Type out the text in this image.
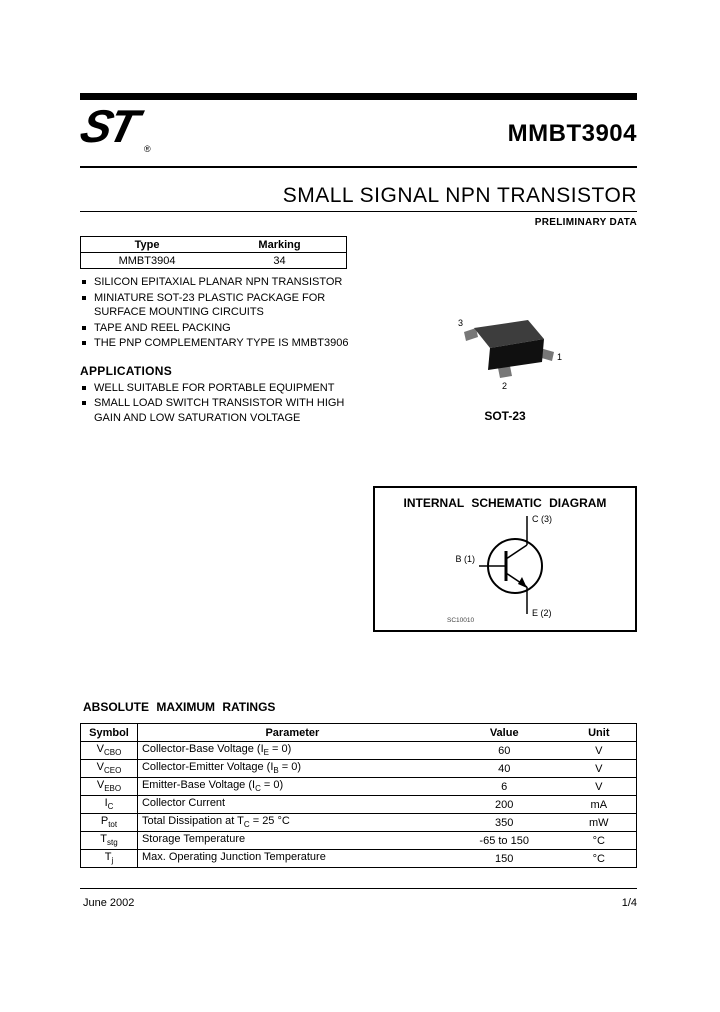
ST ®
MMBT3904
SMALL SIGNAL NPN TRANSISTOR
PRELIMINARY DATA
Type	Marking
MMBT3904	34
SILICON EPITAXIAL PLANAR NPN TRANSISTOR
MINIATURE SOT-23 PLASTIC PACKAGE FOR SURFACE MOUNTING CIRCUITS
TAPE AND REEL PACKING
THE PNP COMPLEMENTARY TYPE IS MMBT3906
APPLICATIONS
WELL SUITABLE FOR PORTABLE EQUIPMENT
SMALL LOAD SWITCH TRANSISTOR WITH HIGH GAIN AND LOW SATURATION VOLTAGE
3
1
2
SOT-23
INTERNAL SCHEMATIC DIAGRAM
C (3)
B (1)
E (2)
SC10010
ABSOLUTE MAXIMUM RATINGS
Symbol	Parameter	Value	Unit
$V_{CBO}$	Collector-Base Voltage $(I_E = 0)$	60	V
$V_{CEO}$	Collector-Emitter Voltage $(I_B = 0)$	40	V
$V_{EBO}$	Emitter-Base Voltage $(I_C = 0)$	6	V
$I_C$	Collector Current	200	mA
$P_{tot}$	Total Dissipation at $T_C = 25$ °C	350	mW
$T_{stg}$	Storage Temperature	-65 to 150	°C
$T_j$	Max. Operating Junction Temperature	150	°C
June 2002	1/4
